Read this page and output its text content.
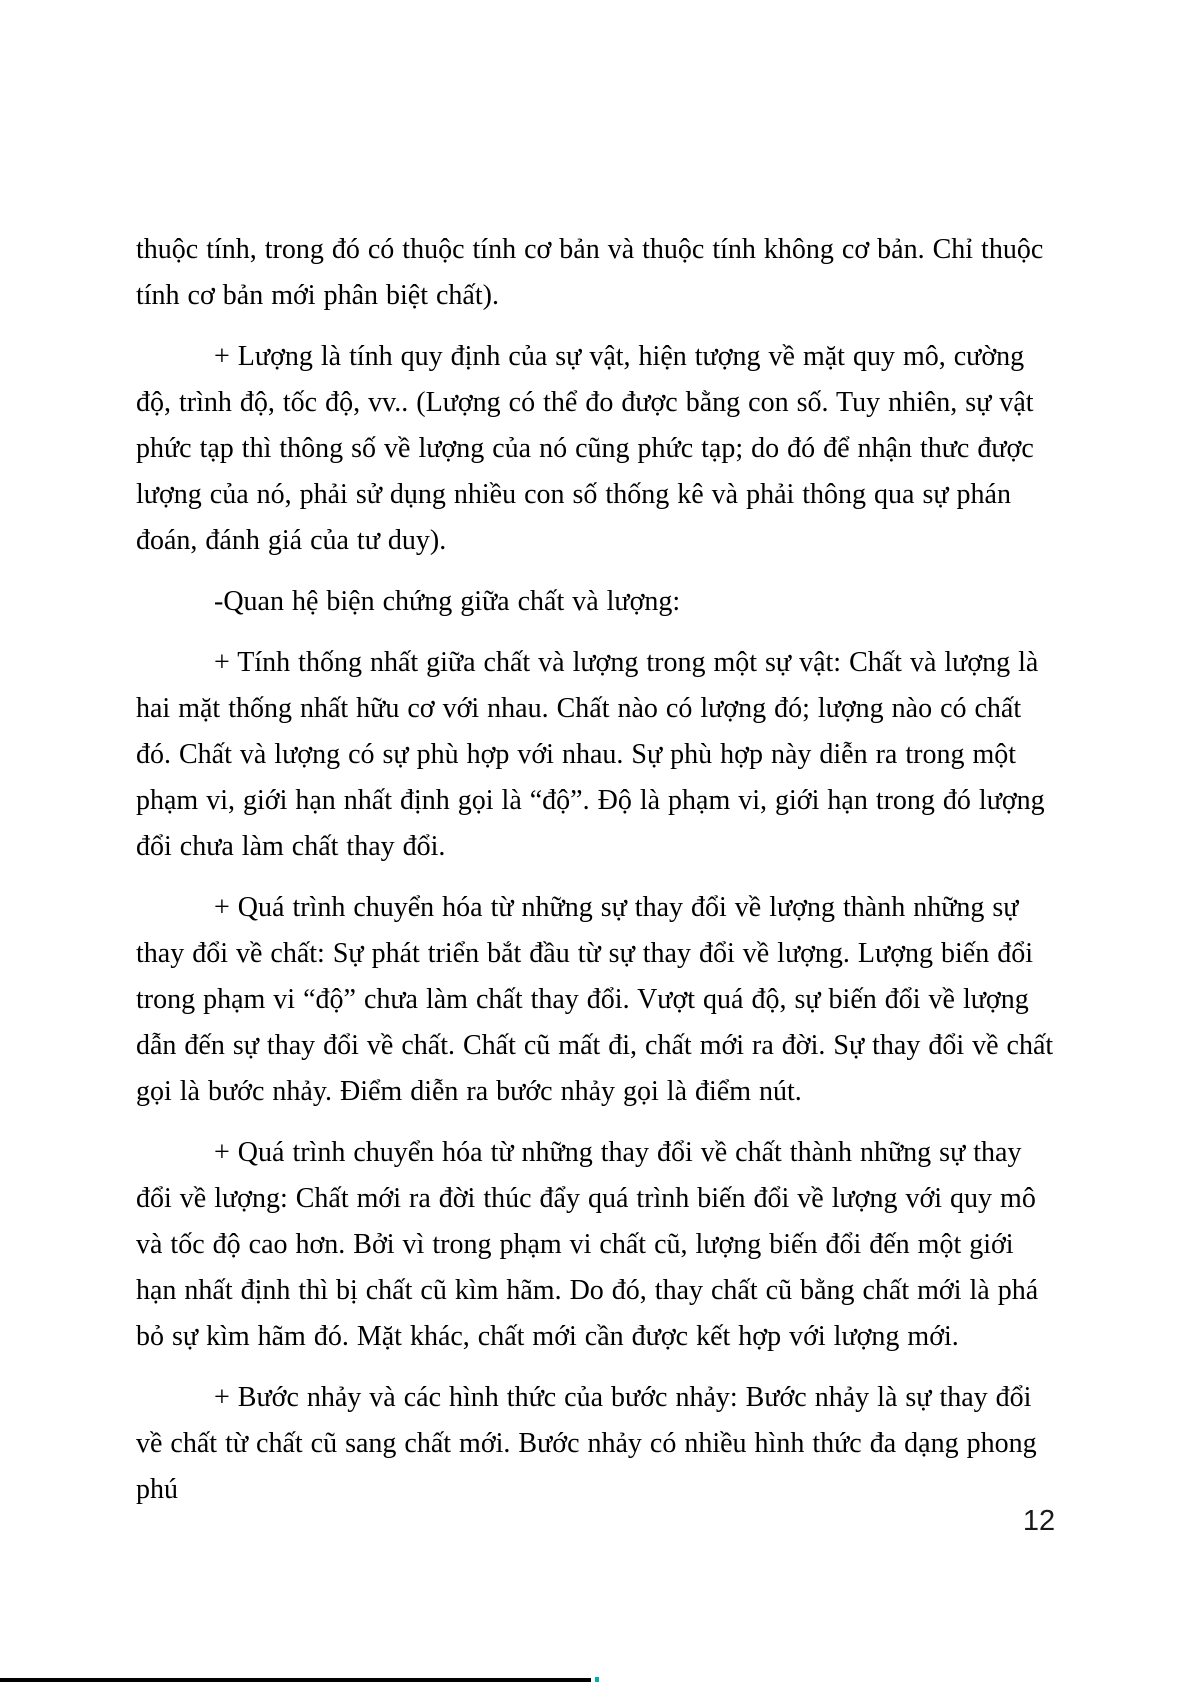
thuộc tính, trong đó có thuộc tính cơ bản và thuộc tính không cơ bản. Chỉ thuộc tính cơ bản mới phân biệt chất).

+ Lượng là tính quy định của sự vật, hiện tượng về mặt quy mô, cường độ, trình độ, tốc độ, vv.. (Lượng có thể đo được bằng con số. Tuy nhiên, sự vật phức tạp thì thông số về lượng của nó cũng phức tạp; do đó để nhận thưc được lượng của nó, phải sử dụng nhiều con số thống kê và phải thông qua sự phán đoán, đánh giá của tư duy).

-Quan hệ biện chứng giữa chất và lượng:

+ Tính thống nhất giữa chất và lượng trong một sự vật: Chất và lượng là hai mặt thống nhất hữu cơ với nhau. Chất nào có lượng đó; lượng nào có chất đó. Chất và lượng có sự phù hợp với nhau. Sự phù hợp này diễn ra trong một phạm vi, giới hạn nhất định gọi là “độ”. Độ là phạm vi, giới hạn trong đó lượng đổi chưa làm chất thay đổi.

+ Quá trình chuyển hóa từ những sự thay đổi về lượng thành những sự thay đổi về chất: Sự phát triển bắt đầu từ sự thay đổi về lượng. Lượng biến đổi trong phạm vi “độ” chưa làm chất thay đổi. Vượt quá độ, sự biến đổi về lượng dẫn đến sự thay đổi về chất. Chất cũ mất đi, chất mới ra đời. Sự thay đổi về chất gọi là bước nhảy. Điểm diễn ra bước nhảy gọi là điểm nút.

+ Quá trình chuyển hóa từ những thay đổi về chất thành những sự thay đổi về lượng: Chất mới ra đời thúc đẩy quá trình biến đổi về lượng với quy mô và tốc độ cao hơn. Bởi vì trong phạm vi chất cũ, lượng biến đổi đến một giới hạn nhất định thì bị chất cũ kìm hãm. Do đó, thay chất cũ bằng chất mới là phá bỏ sự kìm hãm đó. Mặt khác, chất mới cần được kết hợp với lượng mới.

+ Bước nhảy và các hình thức của bước nhảy: Bước nhảy là sự thay đổi về chất từ chất cũ sang chất mới. Bước nhảy có nhiều hình thức đa dạng phong phú

12
